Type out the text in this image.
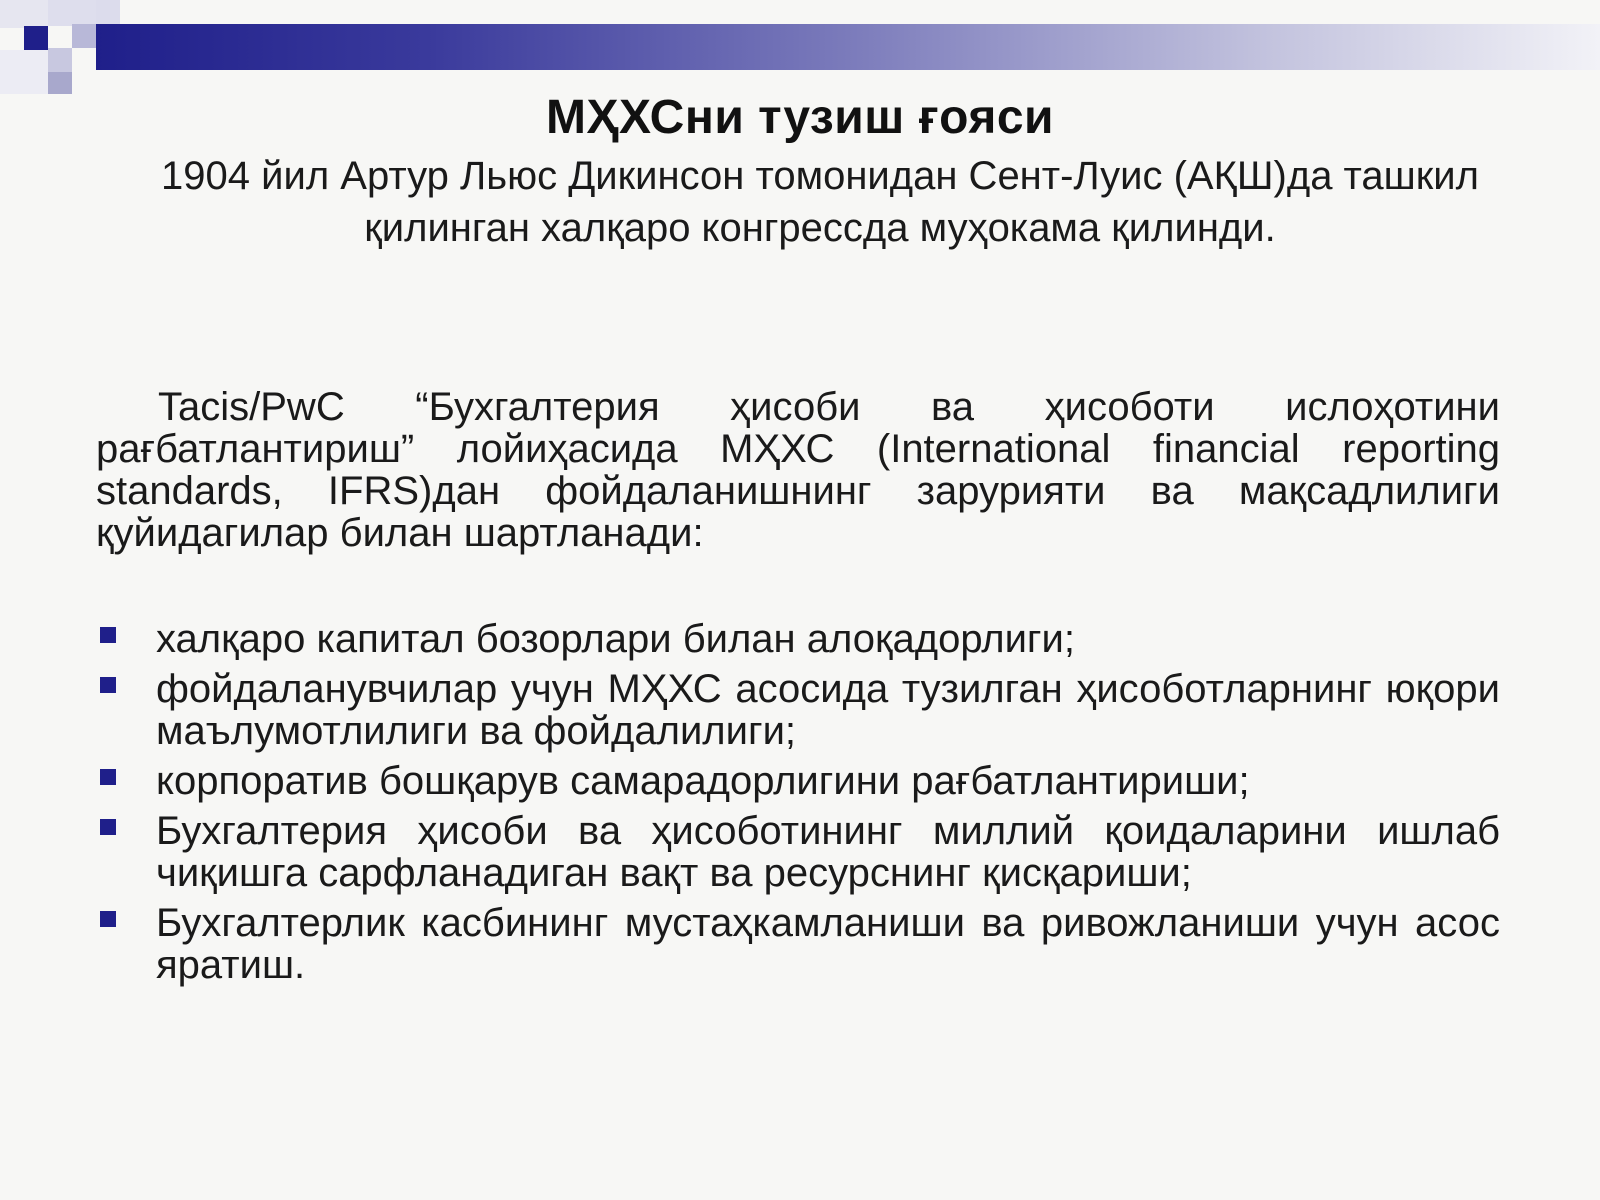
МҲХСни тузиш ғояси
1904 йил Артур Льюс Дикинсон томонидан Сент-Луис (АҚШ)да ташкил қилинган халқаро конгрессда муҳокама қилинди.
Tacis/PwC “Бухгалтерия ҳисоби ва ҳисоботи ислоҳотини рағбатлантириш” лойиҳасида МҲХС (International financial reporting standards, IFRS)дан фойдаланишнинг зарурияти ва мақсадлилиги қуйидагилар билан шартланади:
халқаро капитал бозорлари билан алоқадорлиги;
фойдаланувчилар учун МҲХС асосида тузилган ҳисоботларнинг юқори маълумотлилиги ва фойдалилиги;
корпоратив бошқарув самарадорлигини рағбатлантириши;
Бухгалтерия ҳисоби ва ҳисоботининг миллий қоидаларини ишлаб чиқишга сарфланадиган вақт ва ресурснинг қисқариши;
Бухгалтерлик касбининг мустаҳкамланиши ва ривожланиши учун асос яратиш.
